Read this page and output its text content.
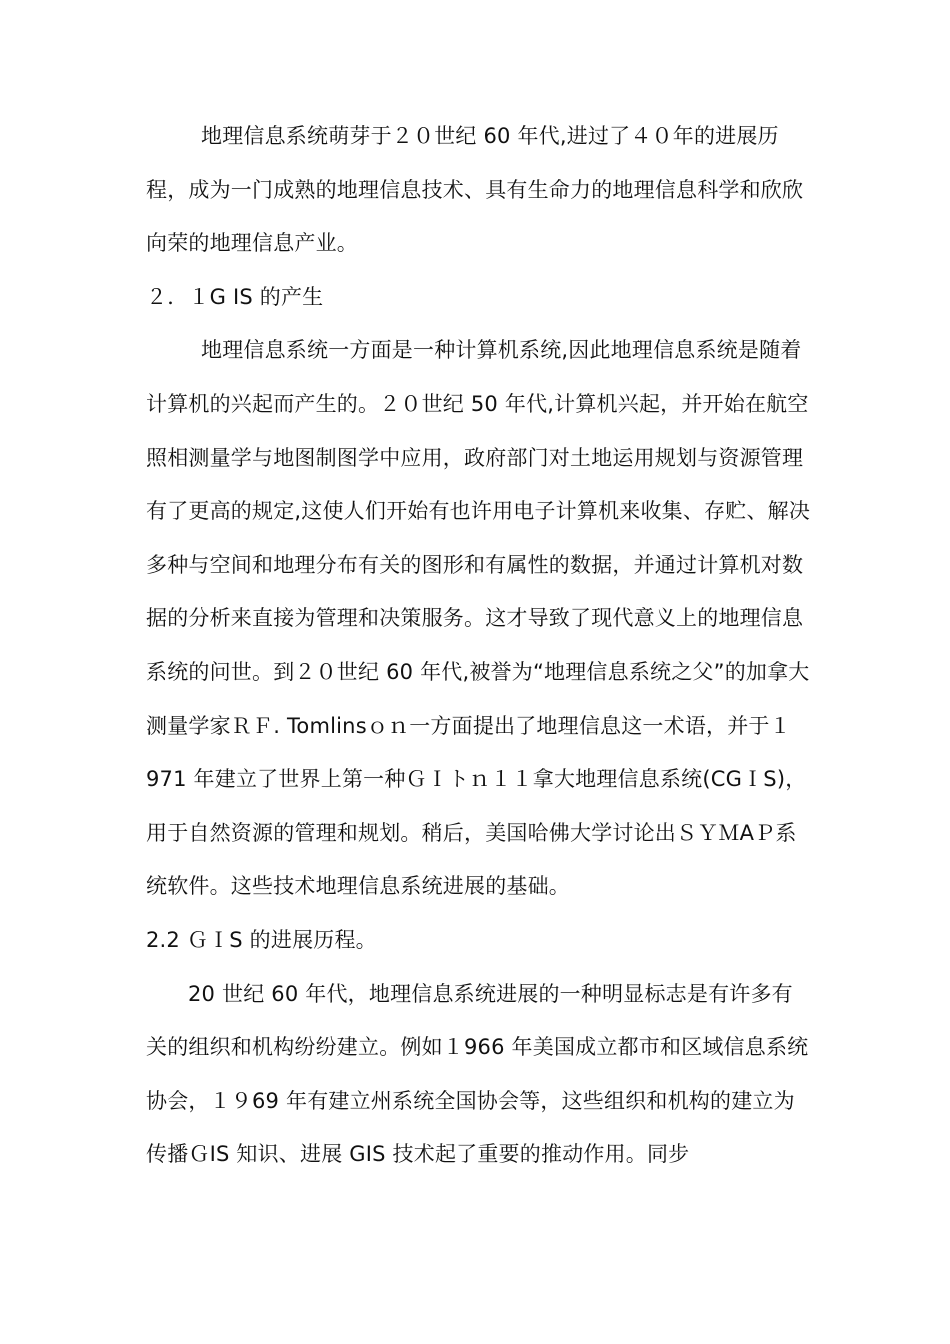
地理信息系统萌芽于２０世纪 60 年代,进过了４０年的进展历程，成为一门成熟的地理信息技术、具有生命力的地理信息科学和欣欣向荣的地理信息产业。

２．１G IS 的产生

地理信息系统一方面是一种计算机系统,因此地理信息系统是随着计算机的兴起而产生的。２０世纪 50 年代,计算机兴起，并开始在航空照相测量学与地图制图学中应用，政府部门对土地运用规划与资源管理有了更高的规定,这使人们开始有也许用电子计算机来收集、存贮、解决多种与空间和地理分布有关的图形和有属性的数据，并通过计算机对数据的分析来直接为管理和决策服务。这才导致了现代意义上的地理信息系统的问世。到２０世纪 60 年代,被誉为“地理信息系统之父”的加拿大测量学家ＲＦ. Tomlinsｏｎ一方面提出了地理信息这一术语，并于１971 年建立了世界上第一种ＧＩトｎ１１拿大地理信息系统(CGＩS)，用于自然资源的管理和规划。稍后，美国哈佛大学讨论出ＳＹＭAＰ系统软件。这些技术地理信息系统进展的基础。

2.2 ＧＩS 的进展历程。

20 世纪 60 年代，地理信息系统进展的一种明显标志是有许多有关的组织和机构纷纷建立。例如１966 年美国成立都市和区域信息系统协会，１９69 年有建立州系统全国协会等，这些组织和机构的建立为传播ＧIS 知识、进展 GIS 技术起了重要的推动作用。同步
